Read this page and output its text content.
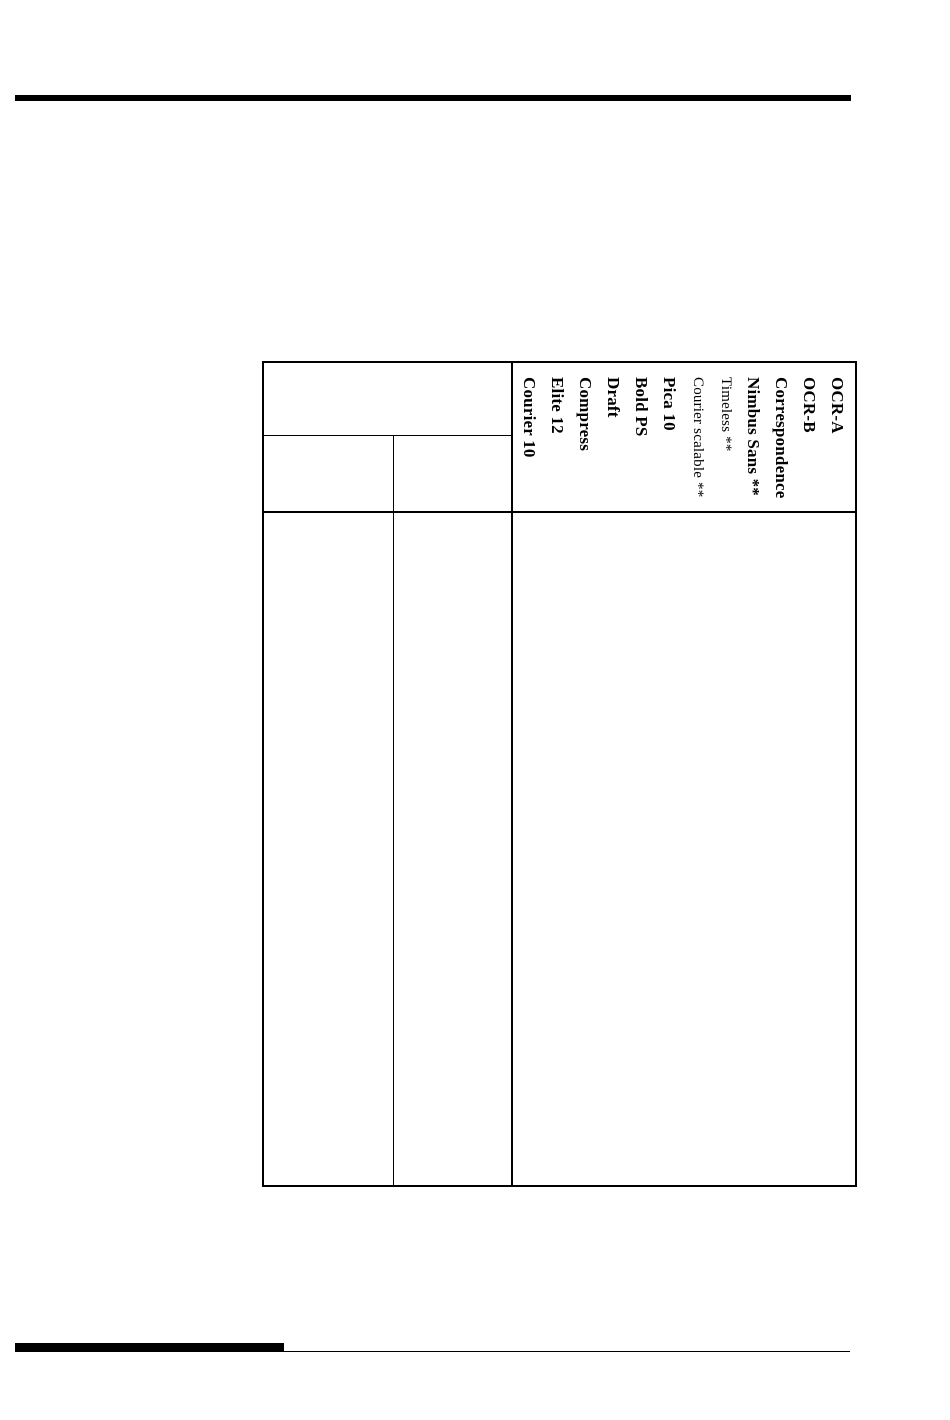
OCR-A
OCR-B
Correspondence
Nimbus Sans **
Timeless **
Courier scalable **
Pica 10
Bold PS
Draft
Compress
Elite 12
Courier 10
